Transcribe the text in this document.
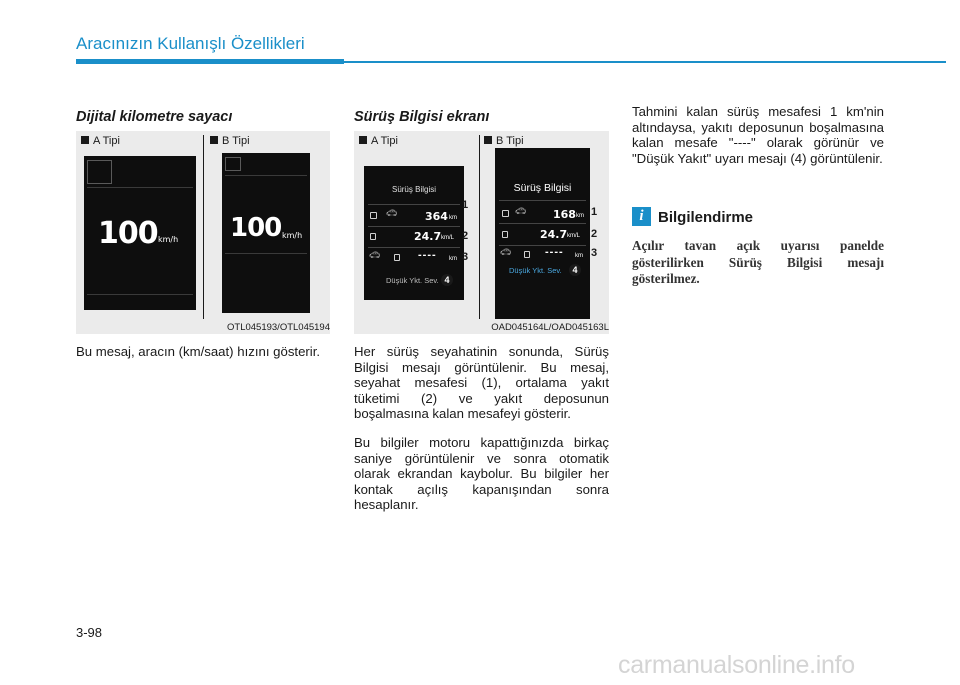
Aracınızın Kullanışlı Özellikleri
Dijital kilometre sayacı
A Tipi	B Tipi
100 km/h 100 km/h
OTL045193/OTL045194
Bu mesaj, aracın (km/saat) hızını gösterir.
Sürüş Bilgisi ekranı
A Tipi	B Tipi
Sürüş Bilgisi
🚗︎	364 km
24.7 km/L
🚗︎	---- km
Düşük Ykt. Sev.
1
2
3
4
Sürüş Bilgisi
🚗︎ 168 km
24.7 km/L
🚗︎	---- km
Düşük Ykt. Sev.
1
2
3
4
OAD045164L/OAD045163L
Her sürüş seyahatinin sonunda, Sürüş Bilgisi mesajı görüntülenir. Bu mesaj, seyahat mesafesi (1), ortalama yakıt tüketimi (2) ve yakıt deposunun boşalmasına kalan mesafeyi gösterir.
Bu bilgiler motoru kapattığınızda birkaç saniye görüntülenir ve sonra otomatik olarak ekrandan kaybolur. Bu bilgiler her kontak açılış kapanışından sonra hesaplanır.
Tahmini kalan sürüş mesafesi 1 km'nin altındaysa, yakıtı deposunun boşalmasına kalan mesafe "----" olarak görünür ve "Düşük Yakıt" uyarı mesajı (4) görüntülenir.
i Bilgilendirme
Açılır tavan açık uyarısı panelde gösterilirken Sürüş Bilgisi mesajı gösterilmez.
3-98
carmanualsonline.info
